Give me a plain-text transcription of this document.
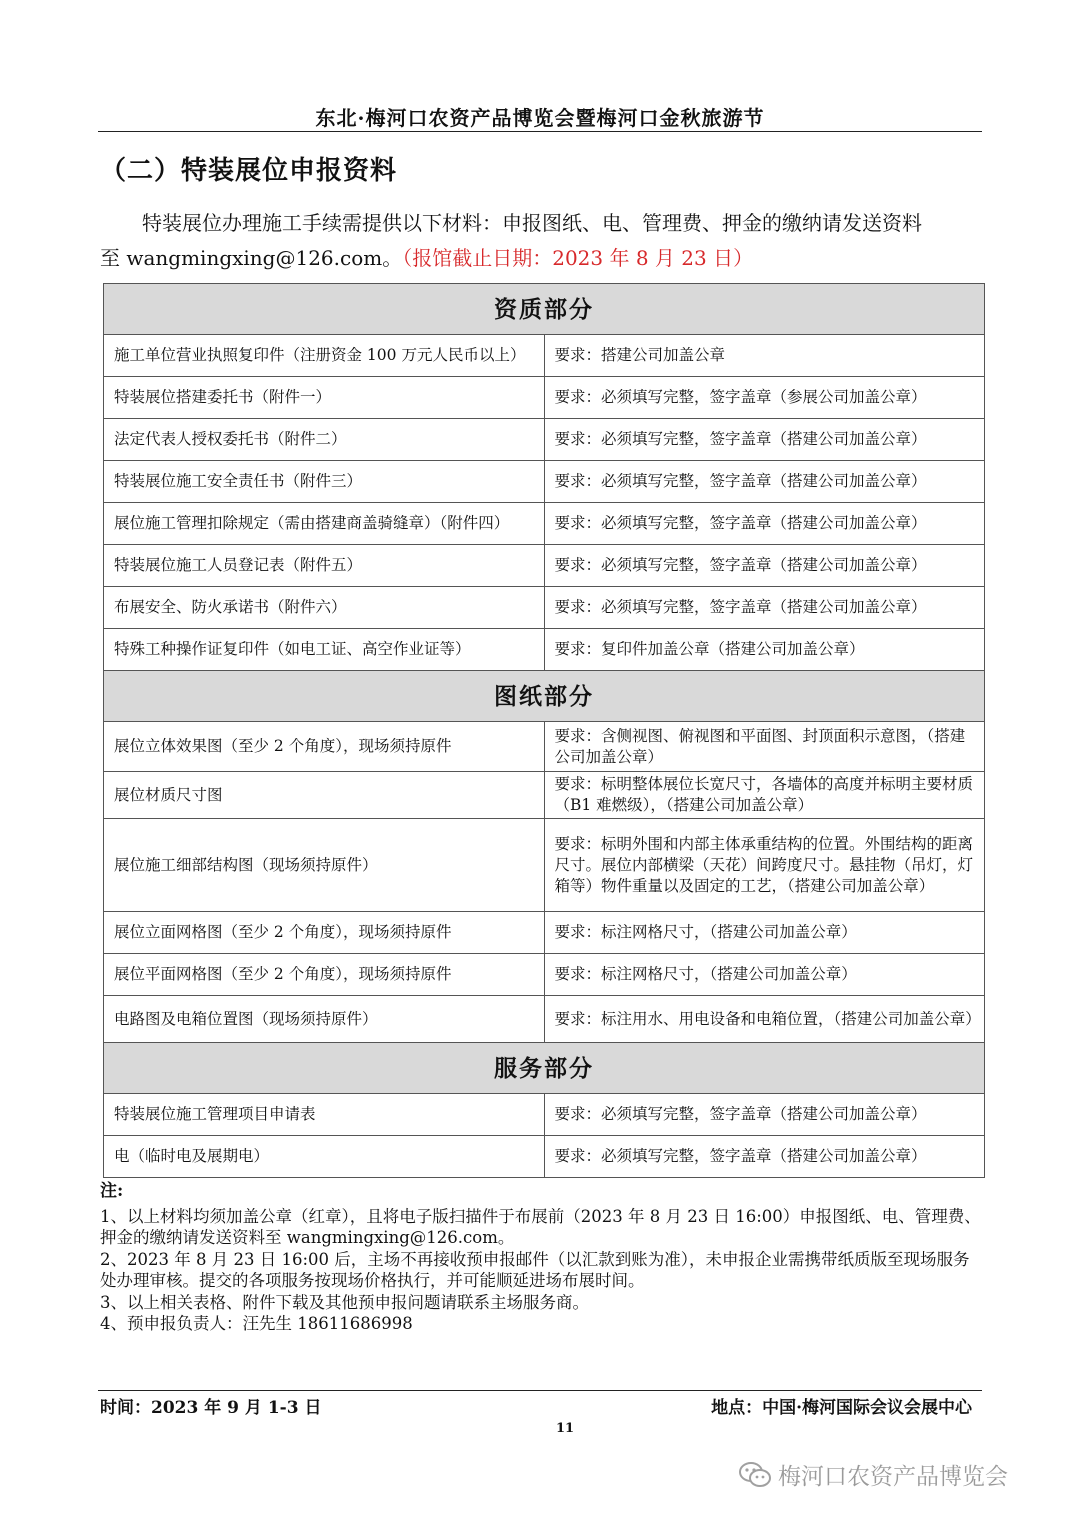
东北·梅河口农资产品博览会暨梅河口金秋旅游节
（二）特装展位申报资料
特装展位办理施工手续需提供以下材料：申报图纸、电、管理费、押金的缴纳请发送资料
至 wangmingxing@126.com。（报馆截止日期：2023 年 8 月 23 日）
资质部分	
施工单位营业执照复印件（注册资金 100 万元人民币以上）	要求：搭建公司加盖公章
特装展位搭建委托书（附件一）	要求：必须填写完整，签字盖章（参展公司加盖公章）
法定代表人授权委托书（附件二）	要求：必须填写完整，签字盖章（搭建公司加盖公章）
特装展位施工安全责任书（附件三）	要求：必须填写完整，签字盖章（搭建公司加盖公章）
展位施工管理扣除规定（需由搭建商盖骑缝章）（附件四）	要求：必须填写完整，签字盖章（搭建公司加盖公章）
特装展位施工人员登记表（附件五）	要求：必须填写完整，签字盖章（搭建公司加盖公章）
布展安全、防火承诺书（附件六）	要求：必须填写完整，签字盖章（搭建公司加盖公章）
特殊工种操作证复印件（如电工证、高空作业证等）	要求：复印件加盖公章（搭建公司加盖公章）
图纸部分	
展位立体效果图（至少 2 个角度），现场须持原件	要求：含侧视图、俯视图和平面图、封顶面积示意图，（搭建公司加盖公章）
展位材质尺寸图	要求：标明整体展位长宽尺寸，各墙体的高度并标明主要材质（B1 难燃级），（搭建公司加盖公章）
展位施工细部结构图（现场须持原件）	要求：标明外围和内部主体承重结构的位置。外围结构的距离尺寸。展位内部横梁（天花）间跨度尺寸。悬挂物（吊灯，灯箱等）物件重量以及固定的工艺，（搭建公司加盖公章）
展位立面网格图（至少 2 个角度），现场须持原件	要求：标注网格尺寸，（搭建公司加盖公章）
展位平面网格图（至少 2 个角度），现场须持原件	要求：标注网格尺寸，（搭建公司加盖公章）
电路图及电箱位置图（现场须持原件）	要求：标注用水、用电设备和电箱位置，（搭建公司加盖公章）
服务部分	
特装展位施工管理项目申请表	要求：必须填写完整，签字盖章（搭建公司加盖公章）
电（临时电及展期电）	要求：必须填写完整，签字盖章（搭建公司加盖公章）
注:
1、以上材料均须加盖公章（红章），且将电子版扫描件于布展前（2023 年 8 月 23 日 16:00）申报图纸、电、管理费、押金的缴纳请发送资料至 wangmingxing@126.com。
2、2023 年 8 月 23 日 16:00 后，主场不再接收预申报邮件（以汇款到账为准），未申报企业需携带纸质版至现场服务处办理审核。提交的各项服务按现场价格执行，并可能顺延进场布展时间。
3、以上相关表格、附件下载及其他预申报问题请联系主场服务商。
4、预申报负责人：汪先生 18611686998
时间：2023 年 9 月 1-3 日	地点：中国·梅河国际会议会展中心
11
梅河口农资产品博览会
